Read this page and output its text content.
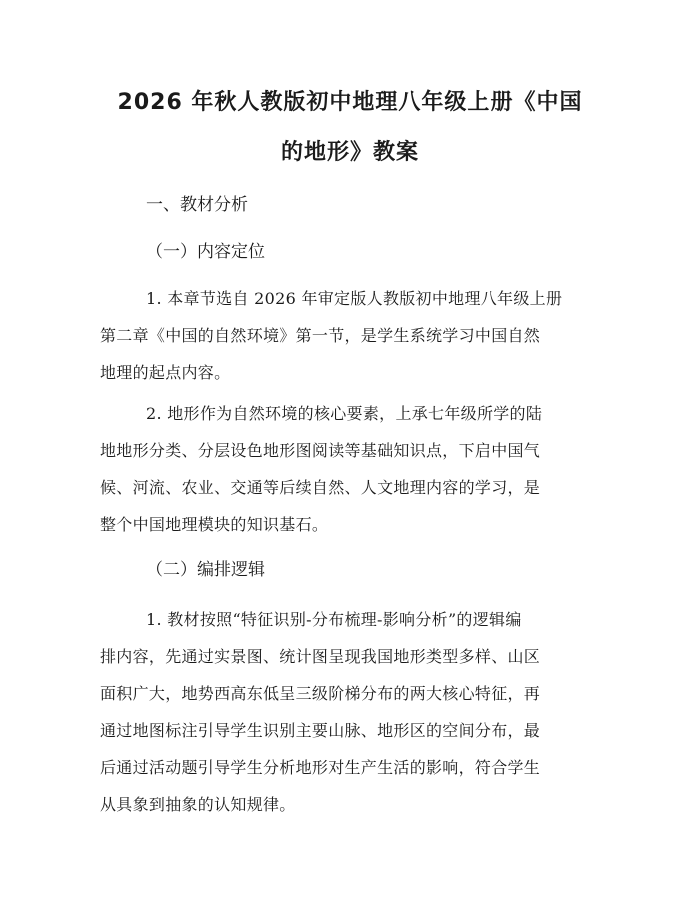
2026 年秋人教版初中地理八年级上册《中国
的地形》教案
一、教材分析
（一）内容定位
1. 本章节选自 2026 年审定版人教版初中地理八年级上册
第二章《中国的自然环境》第一节，是学生系统学习中国自然
地理的起点内容。
2. 地形作为自然环境的核心要素，上承七年级所学的陆
地地形分类、分层设色地形图阅读等基础知识点，下启中国气
候、河流、农业、交通等后续自然、人文地理内容的学习，是
整个中国地理模块的知识基石。
（二）编排逻辑
1. 教材按照“特征识别-分布梳理-影响分析”的逻辑编
排内容，先通过实景图、统计图呈现我国地形类型多样、山区
面积广大，地势西高东低呈三级阶梯分布的两大核心特征，再
通过地图标注引导学生识别主要山脉、地形区的空间分布，最
后通过活动题引导学生分析地形对生产生活的影响，符合学生
从具象到抽象的认知规律。
